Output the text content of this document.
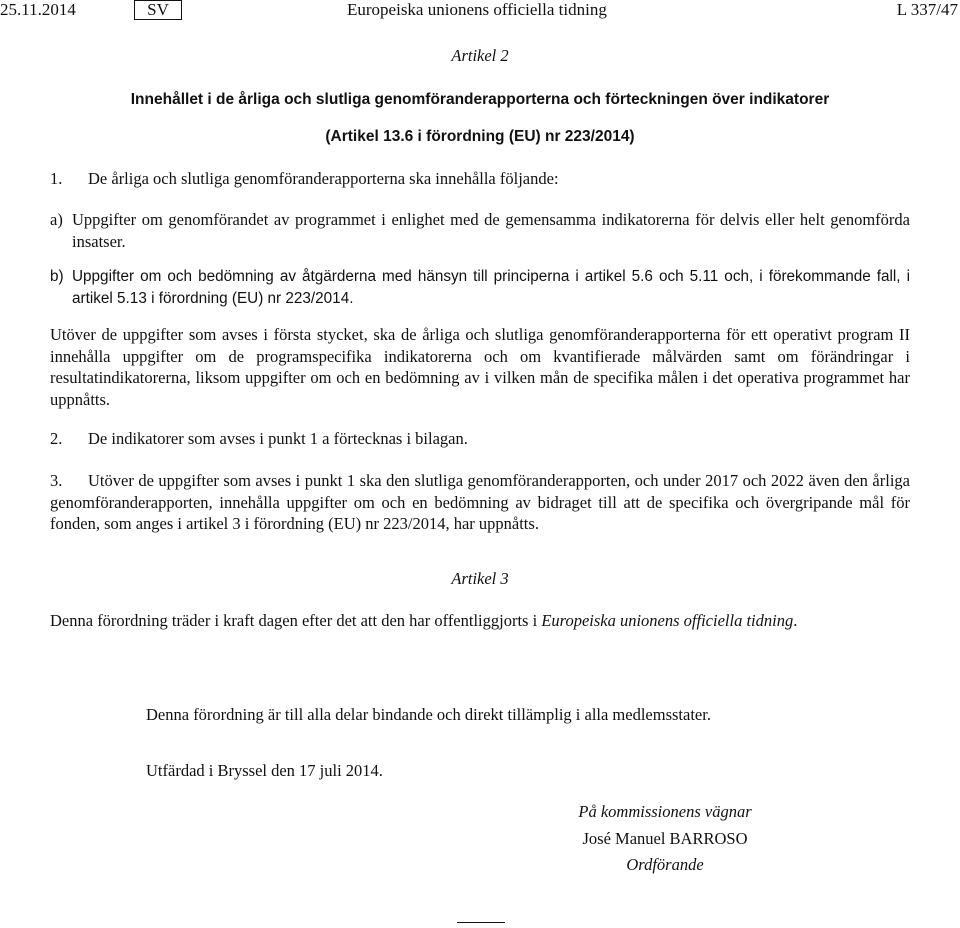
25.11.2014	SV	Europeiska unionens officiella tidning	L 337/47
Artikel 2
Innehållet i de årliga och slutliga genomföranderapporterna och förteckningen över indikatorer
(Artikel 13.6 i förordning (EU) nr 223/2014)
1. De årliga och slutliga genomföranderapporterna ska innehålla följande:
a) Uppgifter om genomförandet av programmet i enlighet med de gemensamma indikatorerna för delvis eller helt genomförda insatser.
b) Uppgifter om och bedömning av åtgärderna med hänsyn till principerna i artikel 5.6 och 5.11 och, i förekommande fall, i artikel 5.13 i förordning (EU) nr 223/2014.
Utöver de uppgifter som avses i första stycket, ska de årliga och slutliga genomföranderapporterna för ett operativt program II innehålla uppgifter om de programspecifika indikatorerna och om kvantifierade målvärden samt om förändringar i resultatindikatorerna, liksom uppgifter om och en bedömning av i vilken mån de specifika målen i det operativa programmet har uppnåtts.
2. De indikatorer som avses i punkt 1 a förtecknas i bilagan.
3. Utöver de uppgifter som avses i punkt 1 ska den slutliga genomföranderapporten, och under 2017 och 2022 även den årliga genomföranderapporten, innehålla uppgifter om och en bedömning av bidraget till att de specifika och övergripande mål för fonden, som anges i artikel 3 i förordning (EU) nr 223/2014, har uppnåtts.
Artikel 3
Denna förordning träder i kraft dagen efter det att den har offentliggjorts i Europeiska unionens officiella tidning.
Denna förordning är till alla delar bindande och direkt tillämplig i alla medlemsstater.
Utfärdad i Bryssel den 17 juli 2014.
På kommissionens vägnar
José Manuel BARROSO
Ordförande
